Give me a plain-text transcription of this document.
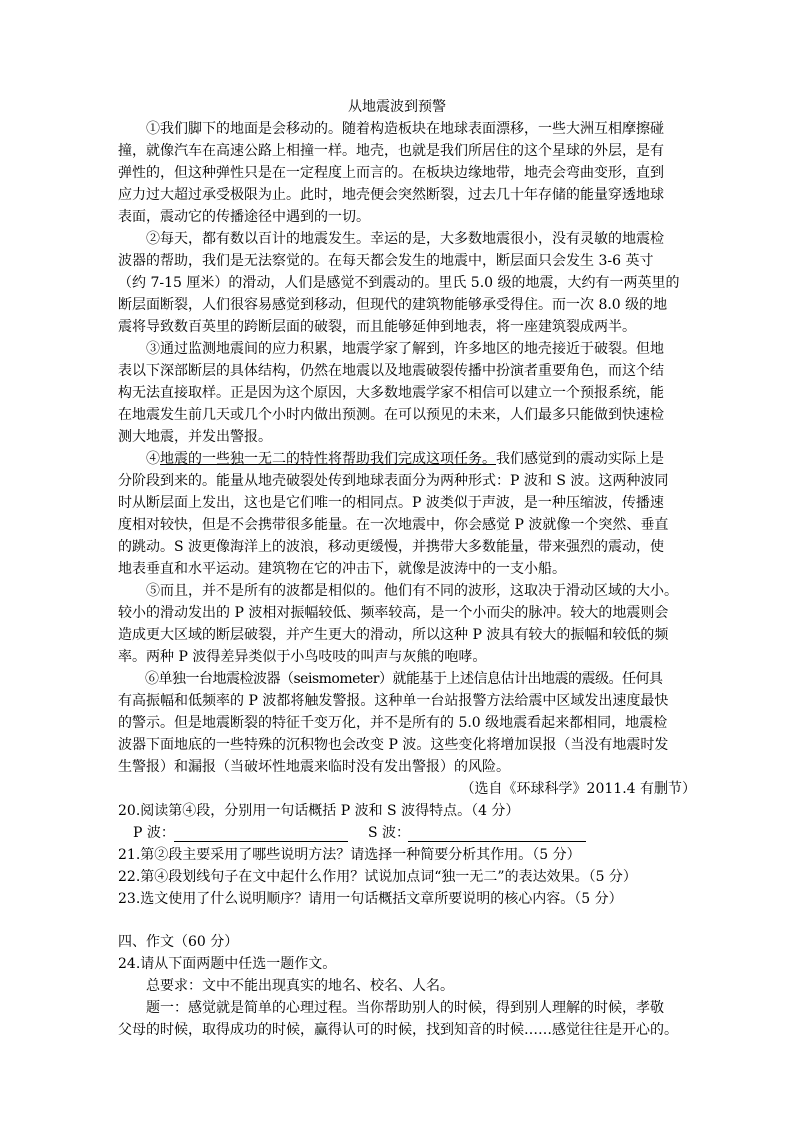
从地震波到预警
　　①我们脚下的地面是会移动的。随着构造板块在地球表面漂移，一些大洲互相摩擦碰
撞，就像汽车在高速公路上相撞一样。地壳，也就是我们所居住的这个星球的外层，是有
弹性的，但这种弹性只是在一定程度上而言的。在板块边缘地带，地壳会弯曲变形，直到
应力过大超过承受极限为止。此时，地壳便会突然断裂，过去几十年存储的能量穿透地球
表面，震动它的传播途径中遇到的一切。
　　②每天，都有数以百计的地震发生。幸运的是，大多数地震很小，没有灵敏的地震检
波器的帮助，我们是无法察觉的。在每天都会发生的地震中，断层面只会发生 3-6 英寸
（约 7-15 厘米）的滑动，人们是感觉不到震动的。里氏 5.0 级的地震，大约有一两英里的
断层面断裂，人们很容易感觉到移动，但现代的建筑物能够承受得住。而一次 8.0 级的地
震将导致数百英里的跨断层面的破裂，而且能够延伸到地表，将一座建筑裂成两半。
　　③通过监测地震间的应力积累，地震学家了解到，许多地区的地壳接近于破裂。但地
表以下深部断层的具体结构，仍然在地震以及地震破裂传播中扮演者重要角色，而这个结
构无法直接取样。正是因为这个原因，大多数地震学家不相信可以建立一个预报系统，能
在地震发生前几天或几个小时内做出预测。在可以预见的未来，人们最多只能做到快速检
测大地震，并发出警报。
　　④地震的一些独一无二的特性将帮助我们完成这项任务。我们感觉到的震动实际上是
分阶段到来的。能量从地壳破裂处传到地球表面分为两种形式：P 波和 S 波。这两种波同
时从断层面上发出，这也是它们唯一的相同点。P 波类似于声波，是一种压缩波，传播速
度相对较快，但是不会携带很多能量。在一次地震中，你会感觉 P 波就像一个突然、垂直
的跳动。S 波更像海洋上的波浪，移动更缓慢，并携带大多数能量，带来强烈的震动，使
地表垂直和水平运动。建筑物在它的冲击下，就像是波涛中的一支小船。
　　⑤而且，并不是所有的波都是相似的。他们有不同的波形，这取决于滑动区域的大小。
较小的滑动发出的 P 波相对振幅较低、频率较高，是一个小而尖的脉冲。较大的地震则会
造成更大区域的断层破裂，并产生更大的滑动，所以这种 P 波具有较大的振幅和较低的频
率。两种 P 波得差异类似于小鸟吱吱的叫声与灰熊的咆哮。
　　⑥单独一台地震检波器（seismometer）就能基于上述信息估计出地震的震级。任何具
有高振幅和低频率的 P 波都将触发警报。这种单一台站报警方法给震中区域发出速度最快
的警示。但是地震断裂的特征千变万化，并不是所有的 5.0 级地震看起来都相同，地震检
波器下面地底的一些特殊的沉积物也会改变 P 波。这些变化将增加误报（当没有地震时发
生警报）和漏报（当破坏性地震来临时没有发出警报）的风险。
（选自《环球科学》2011.4 有删节）
20.阅读第④段，分别用一句话概括 P 波和 S 波得特点。（4 分）
P 波：	S 波：
21.第②段主要采用了哪些说明方法？请选择一种简要分析其作用。（5 分）
22.第④段划线句子在文中起什么作用？试说加点词“独一无二”的表达效果。（5 分）
23.选文使用了什么说明顺序？请用一句话概括文章所要说明的核心内容。（5 分）
四、作文（60 分）
24.请从下面两题中任选一题作文。
　　总要求：文中不能出现真实的地名、校名、人名。
　　题一：感觉就是简单的心理过程。当你帮助别人的时候，得到别人理解的时候，孝敬
父母的时候，取得成功的时候，赢得认可的时候，找到知音的时候……感觉往往是开心的。
